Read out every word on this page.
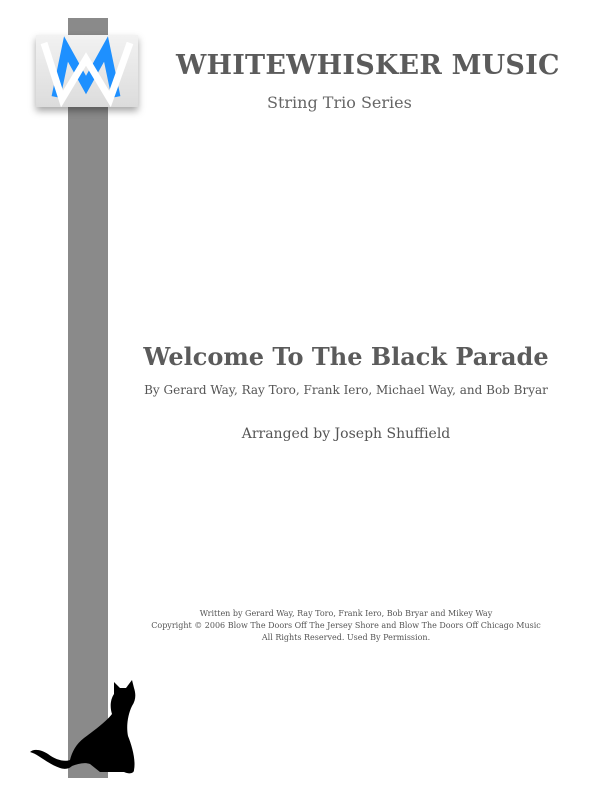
WHITEWHISKER MUSIC
String Trio Series
Welcome To The Black Parade
By Gerard Way, Ray Toro, Frank Iero, Michael Way, and Bob Bryar
Arranged by Joseph Shuffield
Written by Gerard Way, Ray Toro, Frank Iero, Bob Bryar and Mikey Way
Copyright © 2006 Blow The Doors Off The Jersey Shore and Blow The Doors Off Chicago Music
All Rights Reserved. Used By Permission.
